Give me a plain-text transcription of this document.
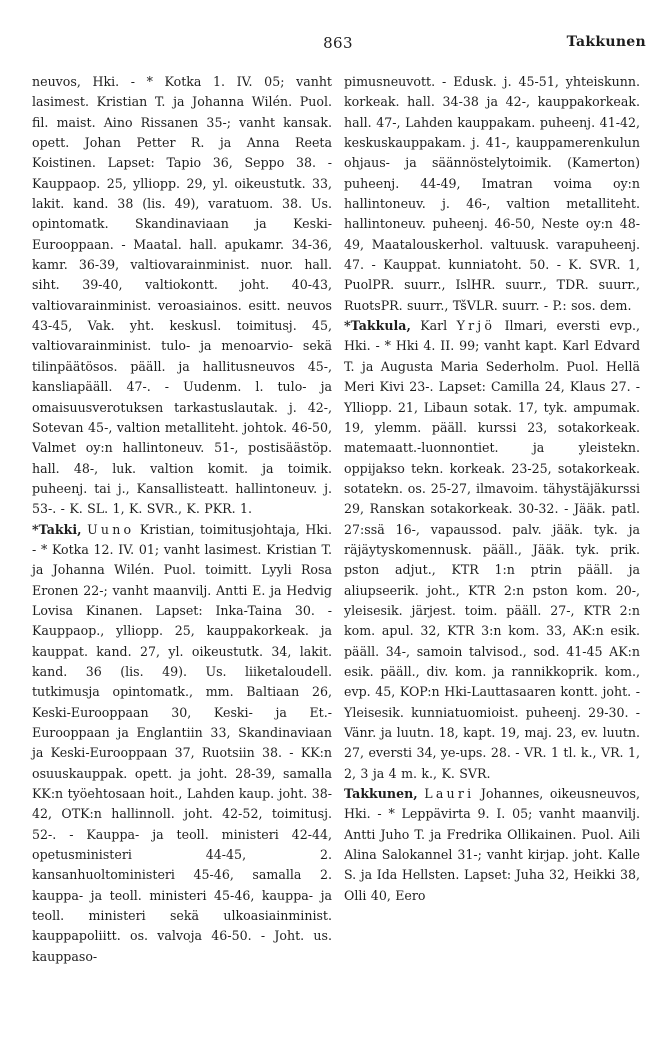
863	Takkunen

neuvos, Hki. - * Kotka 1. IV. 05; vanht lasimest. Kristian T. ja Johanna Wilén. Puol. fil. maist. Aino Rissanen 35-; vanht kansak. opett. Johan Petter R. ja Anna Reeta Koistinen. Lapset: Tapio 36, Seppo 38. - Kauppaop. 25, ylliopp. 29, yl. oikeustutk. 33, lakit. kand. 38 (lis. 49), varatuom. 38. Us. opintomatk. Skandinaviaan ja Keski-Eurooppaan. - Maatal. hall. apukamr. 34-36, kamr. 36-39, valtiovarainminist. nuor. hall. siht. 39-40, valtiokontt. joht. 40-43, valtiovarainminist. veroasiainos. esitt. neuvos 43-45, Vak. yht. keskusl. toimitusj. 45, valtiovarainminist. tulo- ja menoarvio- sekä tilinpäätösos. pääll. ja hallitusneuvos 45-, kansliapääll. 47-. - Uudenm. l. tulo- ja omaisuusverotuksen tarkastuslautak. j. 42-, Sotevan 45-, valtion metalliteht. johtok. 46-50, Valmet oy:n hallintoneuv. 51-, postisäästöp. hall. 48-, luk. valtion komit. ja toimik. puheenj. tai j., Kansallisteatt. hallintoneuv. j. 53-. - K. SL. 1, K. SVR., K. PKR. 1.

*Takki, Uuno Kristian, toimitusjohtaja, Hki. - * Kotka 12. IV. 01; vanht lasimest. Kristian T. ja Johanna Wilén. Puol. toimitt. Lyyli Rosa Eronen 22-; vanht maanvilj. Antti E. ja Hedvig Lovisa Kinanen. Lapset: Inka-Taina 30. - Kauppaop., ylliopp. 25, kauppakorkeak. ja kauppat. kand. 27, yl. oikeustutk. 34, lakit. kand. 36 (lis. 49). Us. liiketaloudell. tutkimusja opintomatk., mm. Baltiaan 26, Keski-Eurooppaan 30, Keski- ja Et.-Eurooppaan ja Englantiin 33, Skandinaviaan ja Keski-Eurooppaan 37, Ruotsiin 38. - KK:n osuuskauppak. opett. ja joht. 28-39, samalla KK:n työehtosaan hoit., Lahden kaup. joht. 38-42, OTK:n hallinnoll. joht. 42-52, toimitusj. 52-. - Kauppa- ja teoll. ministeri 42-44, opetusministeri 44-45, 2. kansanhuoltoministeri 45-46, samalla 2. kauppa- ja teoll. ministeri 45-46, kauppa- ja teoll. ministeri sekä ulkoasiainminist. kauppapoliitt. os. valvoja 46-50. - Joht. us. kauppaso-

pimusneuvott. - Edusk. j. 45-51, yhteiskunn. korkeak. hall. 34-38 ja 42-, kauppakorkeak. hall. 47-, Lahden kauppakam. puheenj. 41-42, keskuskauppakam. j. 41-, kauppamerenkulun ohjaus- ja säännöstelytoimik. (Kamerton) puheenj. 44-49, Imatran voima oy:n hallintoneuv. j. 46-, valtion metalliteht. hallintoneuv. puheenj. 46-50, Neste oy:n 48-49, Maatalouskerhol. valtuusk. varapuheenj. 47. - Kauppat. kunniatoht. 50. - K. SVR. 1, PuolPR. suurr., IslHR. suurr., TDR. suurr., RuotsPR. suurr., TšVLR. suurr. - P.: sos. dem.

*Takkula, Karl Yrjö Ilmari, eversti evp., Hki. - * Hki 4. II. 99; vanht kapt. Karl Edvard T. ja Augusta Maria Sederholm. Puol. Hellä Meri Kivi 23-. Lapset: Camilla 24, Klaus 27. - Ylliopp. 21, Libaun sotak. 17, tyk. ampumak. 19, ylemm. pääll. kurssi 23, sotakorkeak. matemaatt.-luonnontiet. ja yleistekn. oppijakso tekn. korkeak. 23-25, sotakorkeak. sotatekn. os. 25-27, ilmavoim. tähystäjäkurssi 29, Ranskan sotakorkeak. 30-32. - Jääk. patl. 27:ssä 16-, vapaussod. palv. jääk. tyk. ja räjäytyskomennusk. pääll., Jääk. tyk. prik. pston adjut., KTR 1:n ptrin pääll. ja aliupseerik. joht., KTR 2:n pston kom. 20-, yleisesik. järjest. toim. pääll. 27-, KTR 2:n kom. apul. 32, KTR 3:n kom. 33, AK:n esik. pääll. 34-, samoin talvisod., sod. 41-45 AK:n esik. pääll., div. kom. ja rannikkoprik. kom., evp. 45, KOP:n Hki-Lauttasaaren kontt. joht. - Yleisesik. kunniatuomioist. puheenj. 29-30. - Vänr. ja luutn. 18, kapt. 19, maj. 23, ev. luutn. 27, eversti 34, ye-ups. 28. - VR. 1 tl. k., VR. 1, 2, 3 ja 4 m. k., K. SVR.

Takkunen, Lauri Johannes, oikeusneuvos, Hki. - * Leppävirta 9. I. 05; vanht maanvilj. Antti Juho T. ja Fredrika Ollikainen. Puol. Aili Alina Salokannel 31-; vanht kirjap. joht. Kalle S. ja Ida Hellsten. Lapset: Juha 32, Heikki 38, Olli 40, Eero
